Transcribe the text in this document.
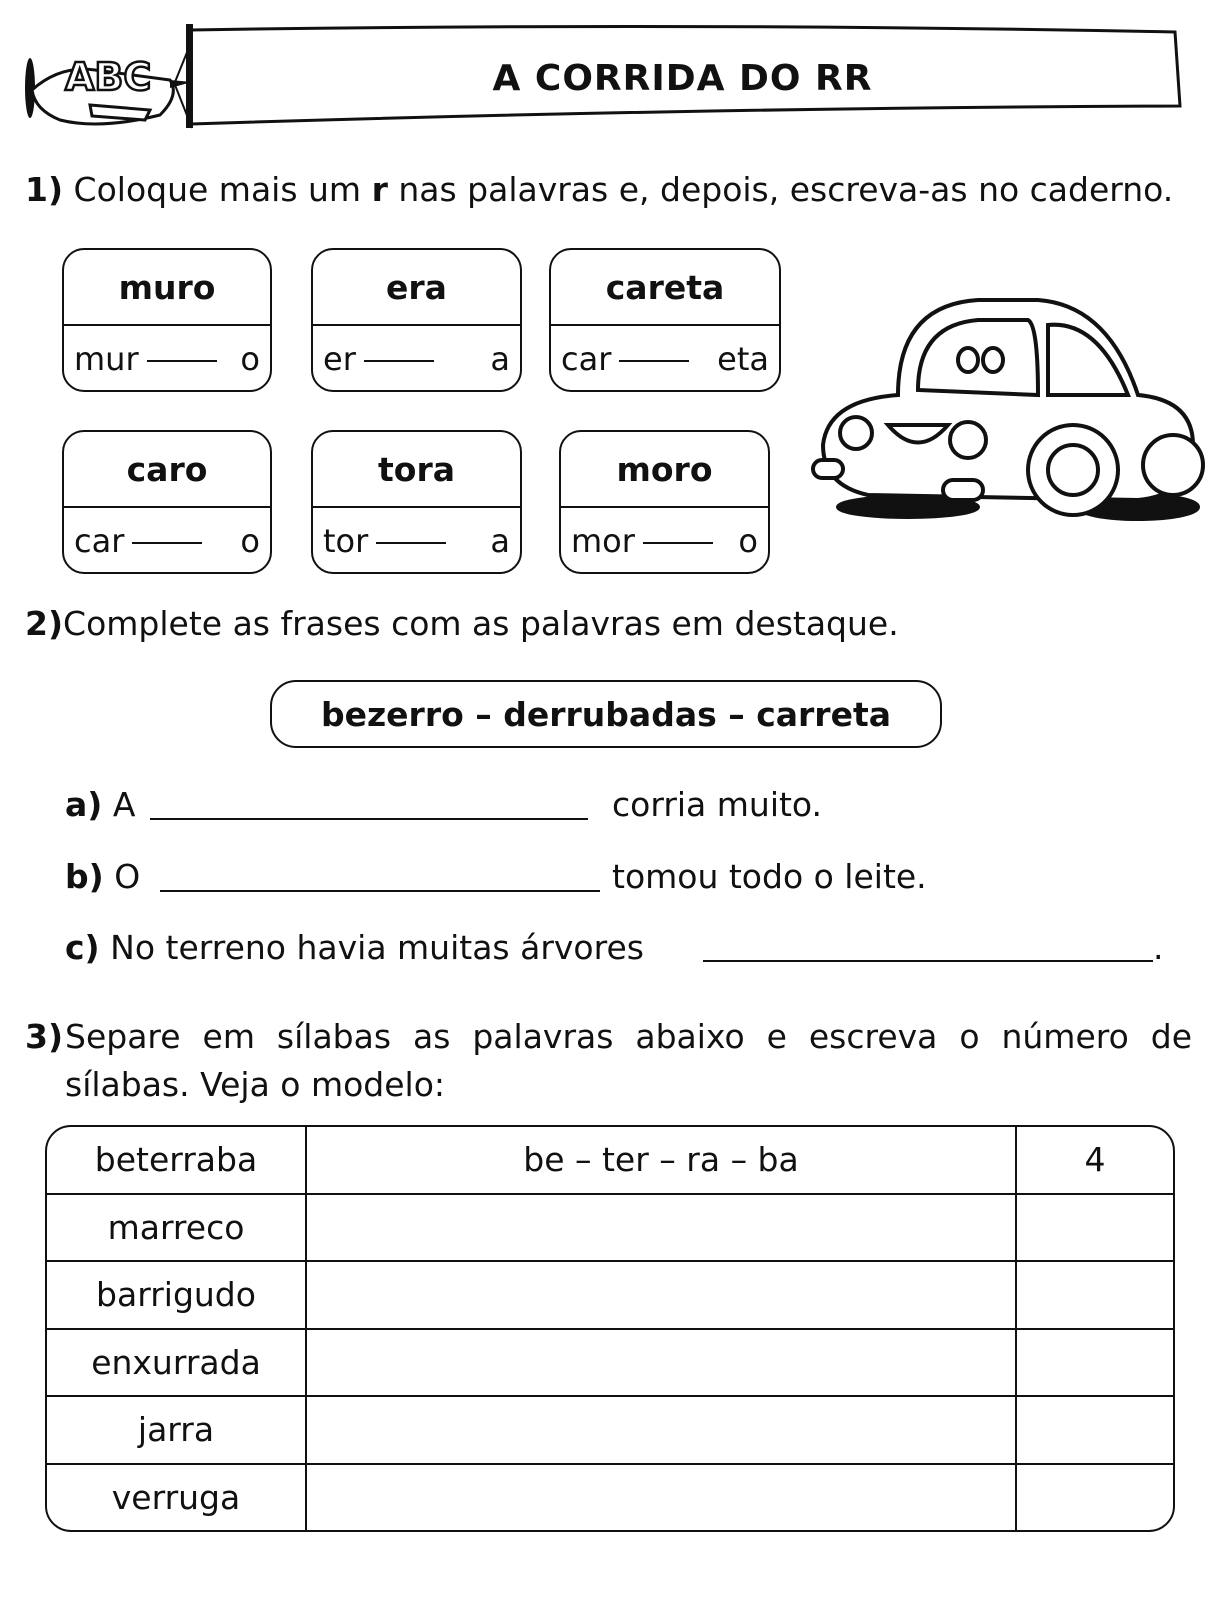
ABC	A CORRIDA DO RR
1) Coloque mais um r nas palavras e, depois, escreva-as no caderno.
muro
mur	o
era
er	a
careta
car	eta
caro
car	o
tora
tor	a
moro
mor	o
2)Complete as frases com as palavras em destaque.
bezerro – derrubadas – carreta
a) A	corria muito.
b) O	tomou todo o leite.
c) No terreno havia muitas árvores	.
3) Separe em sílabas as palavras abaixo e escreva o número de
sílabas. Veja o modelo:
beterraba	be – ter – ra – ba	4
marreco		
barrigudo		
enxurrada		
jarra		
verruga		
